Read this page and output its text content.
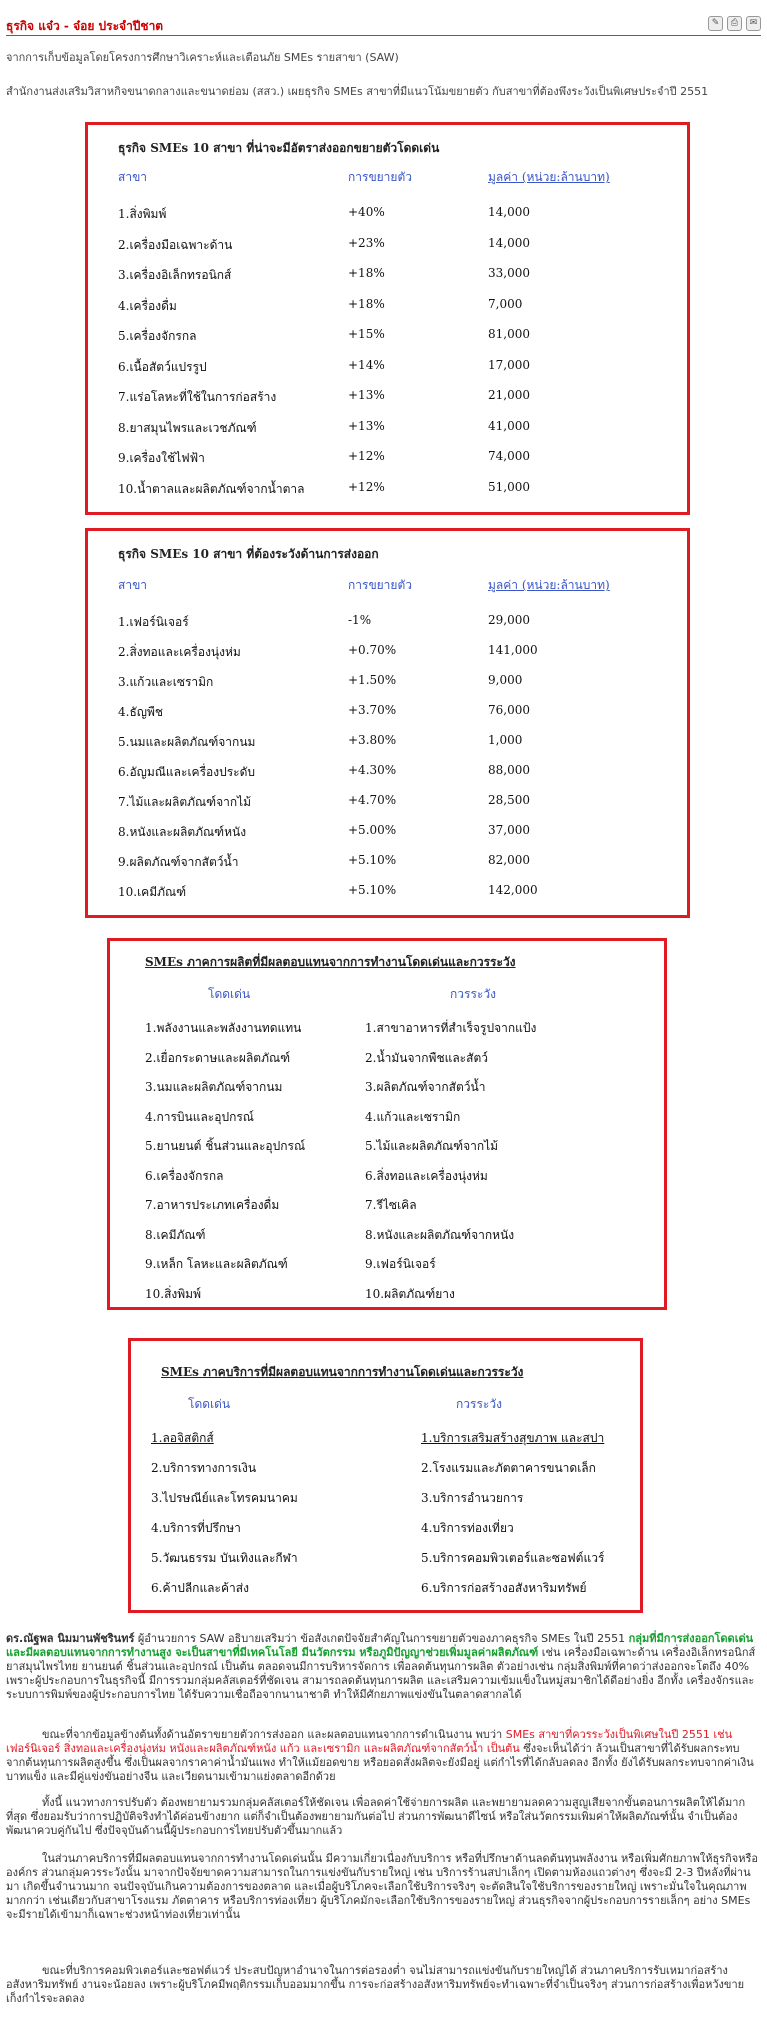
ธุรกิจ แจ๋ว - จ๋อย ประจำปีชาต	✎	⎙	✉
จากการเก็บข้อมูลโดยโครงการศึกษาวิเคราะห์และเตือนภัย SMEs รายสาขา (SAW)
สำนักงานส่งเสริมวิสาหกิจขนาดกลางและขนาดย่อม (สสว.) เผยธุรกิจ SMEs สาขาที่มีแนวโน้มขยายตัว กับสาขาที่ต้องพึงระวังเป็นพิเศษประจำปี 2551
ธุรกิจ SMEs 10 สาขา ที่น่าจะมีอัตราส่งออกขยายตัวโดดเด่น
สาขา	การขยายตัว	มูลค่า (หน่วย:ล้านบาท)
1.สิ่งพิมพ์	+40%	14,000
2.เครื่องมือเฉพาะด้าน	+23%	14,000
3.เครื่องอิเล็กทรอนิกส์	+18%	33,000
4.เครื่องดื่ม	+18%	7,000
5.เครื่องจักรกล	+15%	81,000
6.เนื้อสัตว์แปรรูป	+14%	17,000
7.แร่อโลหะที่ใช้ในการก่อสร้าง	+13%	21,000
8.ยาสมุนไพรและเวชภัณฑ์	+13%	41,000
9.เครื่องใช้ไฟฟ้า	+12%	74,000
10.น้ำตาลและผลิตภัณฑ์จากน้ำตาล	+12%	51,000
ธุรกิจ SMEs 10 สาขา ที่ต้องระวังด้านการส่งออก
สาขา	การขยายตัว	มูลค่า (หน่วย:ล้านบาท)
1.เฟอร์นิเจอร์	-1%	29,000
2.สิ่งทอและเครื่องนุ่งห่ม	+0.70%	141,000
3.แก้วและเซรามิก	+1.50%	9,000
4.ธัญพืช	+3.70%	76,000
5.นมและผลิตภัณฑ์จากนม	+3.80%	1,000
6.อัญมณีและเครื่องประดับ	+4.30%	88,000
7.ไม้และผลิตภัณฑ์จากไม้	+4.70%	28,500
8.หนังและผลิตภัณฑ์หนัง	+5.00%	37,000
9.ผลิตภัณฑ์จากสัตว์น้ำ	+5.10%	82,000
10.เคมีภัณฑ์	+5.10%	142,000
SMEs ภาคการผลิตที่มีผลตอบแทนจากการทำงานโดดเด่นและกวรระวัง
โดดเด่น	กวรระวัง
1.พลังงานและพลังงานทดแทน	1.สาขาอาหารที่สำเร็จรูปจากแป้ง
2.เยื่อกระดาษและผลิตภัณฑ์	2.น้ำมันจากพืชและสัตว์
3.นมและผลิตภัณฑ์จากนม	3.ผลิตภัณฑ์จากสัตว์น้ำ
4.การบินและอุปกรณ์	4.แก้วและเซรามิก
5.ยานยนต์ ชิ้นส่วนและอุปกรณ์	5.ไม้และผลิตภัณฑ์จากไม้
6.เครื่องจักรกล	6.สิ่งทอและเครื่องนุ่งห่ม
7.อาหารประเภทเครื่องดื่ม	7.รีไซเคิล
8.เคมีภัณฑ์	8.หนังและผลิตภัณฑ์จากหนัง
9.เหล็ก โลหะและผลิตภัณฑ์	9.เฟอร์นิเจอร์
10.สิ่งพิมพ์	10.ผลิตภัณฑ์ยาง
SMEs ภาคบริการที่มีผลตอบแทนจากการทำงานโดดเด่นและกวรระวัง
โดดเด่น	กวรระวัง
1.ลอจิสติกส์	1.บริการเสริมสร้างสุขภาพ และสปา
2.บริการทางการเงิน	2.โรงแรมและภัตตาคารขนาดเล็ก
3.ไปรษณีย์และโทรคมนาคม	3.บริการอำนวยการ
4.บริการที่ปรึกษา	4.บริการท่องเที่ยว
5.วัฒนธรรม บันเทิงและกีฬา	5.บริการคอมพิวเตอร์และซอฟต์แวร์
6.ค้าปลีกและค้าส่ง	6.บริการก่อสร้างอสังหาริมทรัพย์
ดร.ณัฐพล นิมมานพัชรินทร์ ผู้อำนวยการ SAW อธิบายเสริมว่า ข้อสังเกตปัจจัยสำคัญในการขยายตัวของภาคธุรกิจ SMEs ในปี 2551 กลุ่มที่มีการส่งออกโดดเด่น และมีผลตอบแทนจากการทำงานสูง จะเป็นสาขาที่มีเทคโนโลยี มีนวัตกรรม หรือภูมิปัญญาช่วยเพิ่มมูลค่าผลิตภัณฑ์ เช่น เครื่องมือเฉพาะด้าน เครื่องอิเล็กทรอนิกส์ ยาสมุนไพรไทย ยานยนต์ ชิ้นส่วนและอุปกรณ์ เป็นต้น ตลอดจนมีการบริหารจัดการ เพื่อลดต้นทุนการผลิต ตัวอย่างเช่น กลุ่มสิ่งพิมพ์ที่คาดว่าส่งออกจะโตถึง 40% เพราะผู้ประกอบการในธุรกิจนี้ มีการรวมกลุ่มคลัสเตอร์ที่ชัดเจน สามารถลดต้นทุนการผลิต และเสริมความเข้มแข็งในหมู่สมาชิกได้ดีอย่างยิ่ง อีกทั้ง เครื่องจักรและระบบการพิมพ์ของผู้ประกอบการไทย ได้รับความเชื่อถือจากนานาชาติ ทำให้มีศักยภาพแข่งขันในตลาดสากลได้
ขณะที่จากข้อมูลข้างต้นทั้งด้านอัตราขยายตัวการส่งออก และผลตอบแทนจากการดำเนินงาน พบว่า SMEs สาขาที่ควรระวังเป็นพิเศษในปี 2551 เช่น เฟอร์นิเจอร์ สิ่งทอและเครื่องนุ่งห่ม หนังและผลิตภัณฑ์หนัง แก้ว และเซรามิก และผลิตภัณฑ์จากสัตว์น้ำ เป็นต้น ซึ่งจะเห็นได้ว่า ล้วนเป็นสาขาที่ได้รับผลกระทบจากต้นทุนการผลิตสูงขึ้น ซึ่งเป็นผลจากราคาค่าน้ำมันแพง ทำให้แม้ยอดขาย หรือยอดสั่งผลิตจะยังมีอยู่ แต่กำไรที่ได้กลับลดลง อีกทั้ง ยังได้รับผลกระทบจากค่าเงินบาทแข็ง และมีคู่แข่งขันอย่างจีน และเวียดนามเข้ามาแย่งตลาดอีกด้วย
ทั้งนี้ แนวทางการปรับตัว ต้องพยายามรวมกลุ่มคลัสเตอร์ให้ชัดเจน เพื่อลดค่าใช้จ่ายการผลิต และพยายามลดความสูญเสียจากขั้นตอนการผลิตให้ได้มากที่สุด ซึ่งยอมรับว่าการปฏิบัติจริงทำได้ค่อนข้างยาก แต่ก็จำเป็นต้องพยายามกันต่อไป ส่วนการพัฒนาดีไซน์ หรือใส่นวัตกรรมเพิ่มค่าให้ผลิตภัณฑ์นั้น จำเป็นต้องพัฒนาควบคู่กันไป ซึ่งปัจจุบันด้านนี้ผู้ประกอบการไทยปรับตัวขึ้นมากแล้ว
ในส่วนภาคบริการที่มีผลตอบแทนจากการทำงานโดดเด่นนั้น มีความเกี่ยวเนื่องกับบริการ หรือที่ปรึกษาด้านลดต้นทุนพลังงาน หรือเพิ่มศักยภาพให้ธุรกิจหรือองค์กร ส่วนกลุ่มควรระวังนั้น มาจากปัจจัยขาดความสามารถในการแข่งขันกับรายใหญ่ เช่น บริการร้านสปาเล็กๆ เปิดตามห้องแถวต่างๆ ซึ่งจะมี 2-3 ปีหลังที่ผ่านมา เกิดขึ้นจำนวนมาก จนปัจจุบันเกินความต้องการของตลาด และเมื่อผู้บริโภคจะเลือกใช้บริการจริงๆ จะตัดสินใจใช้บริการของรายใหญ่ เพราะมั่นใจในคุณภาพมากกว่า เช่นเดียวกับสาขาโรงแรม ภัตตาคาร หรือบริการท่องเที่ยว ผู้บริโภคมักจะเลือกใช้บริการของรายใหญ่ ส่วนธุรกิจจากผู้ประกอบการรายเล็กๆ อย่าง SMEs จะมีรายได้เข้ามาก็เฉพาะช่วงหน้าท่องเที่ยวเท่านั้น
ขณะที่บริการคอมพิวเตอร์และซอฟต์แวร์ ประสบปัญหาอำนาจในการต่อรองต่ำ จนไม่สามารถแข่งขันกับรายใหญ่ได้ ส่วนภาคบริการรับเหมาก่อสร้างอสังหาริมทรัพย์ งานจะน้อยลง เพราะผู้บริโภคมีพฤติกรรมเก็บออมมากขึ้น การจะก่อสร้างอสังหาริมทรัพย์จะทำเฉพาะที่จำเป็นจริงๆ ส่วนการก่อสร้างเพื่อหวังขายเก็งกำไรจะลดลง
